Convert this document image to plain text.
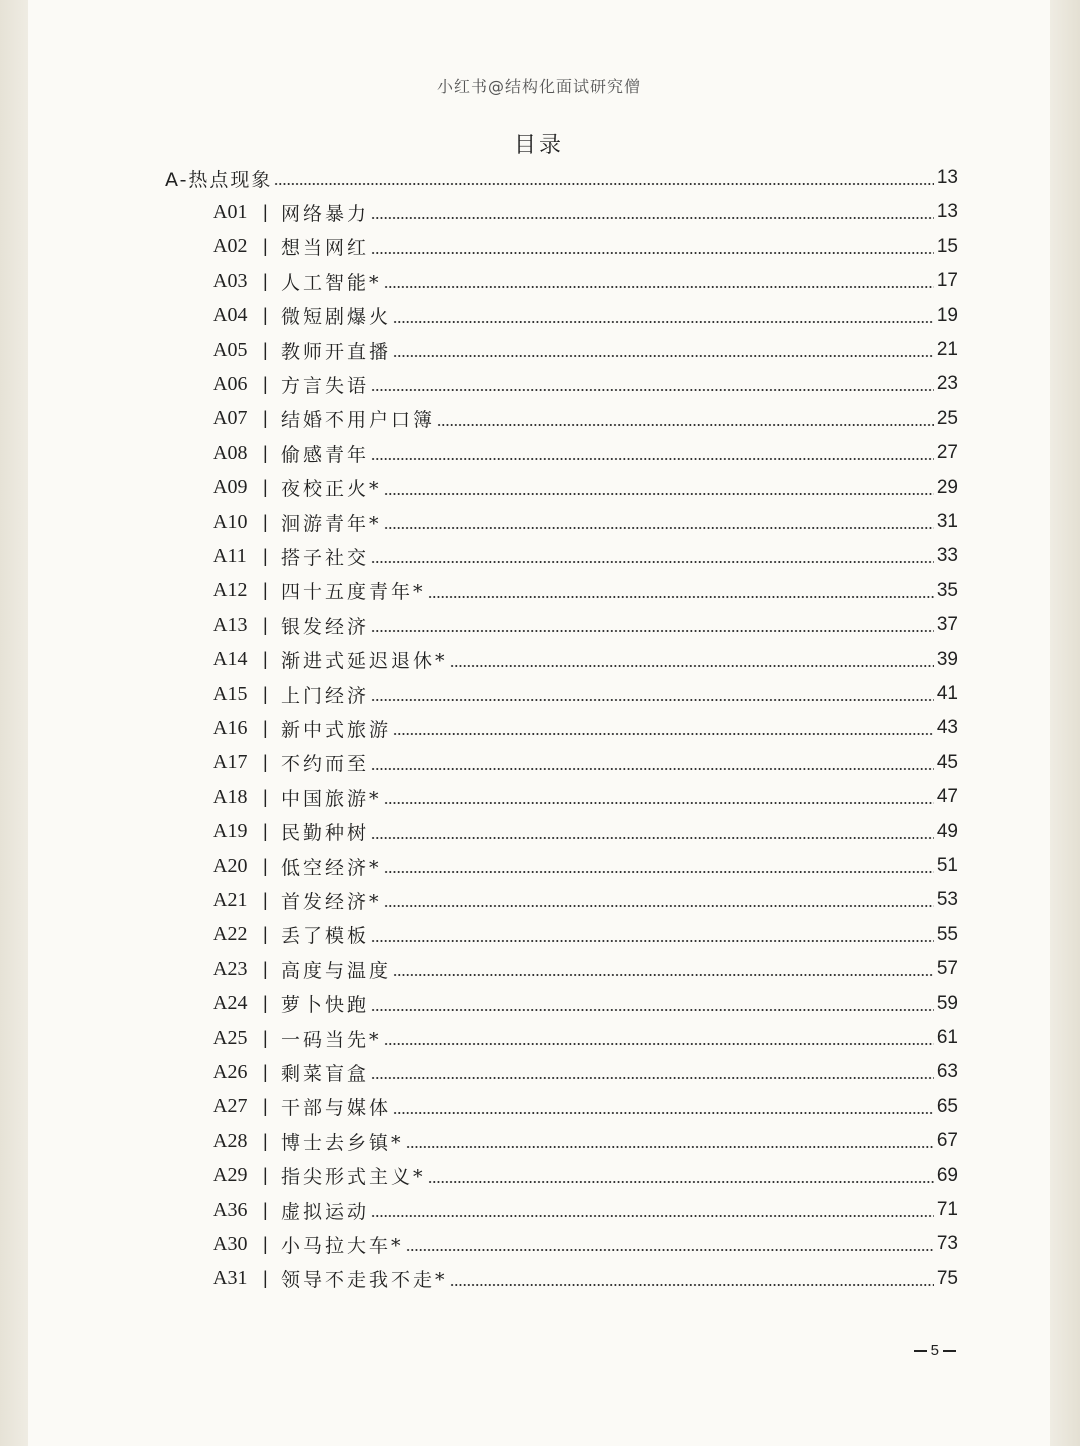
小红书@结构化面试研究僧
目录
A-热点现象	13
A01 | 网络暴力	13
A02 | 想当网红	15
A03 | 人工智能*	17
A04 | 微短剧爆火	19
A05 | 教师开直播	21
A06 | 方言失语	23
A07 | 结婚不用户口簿	25
A08 | 偷感青年	27
A09 | 夜校正火*	29
A10 | 洄游青年*	31
A11 | 搭子社交	33
A12 | 四十五度青年*	35
A13 | 银发经济	37
A14 | 渐进式延迟退休*	39
A15 | 上门经济	41
A16 | 新中式旅游	43
A17 | 不约而至	45
A18 | 中国旅游*	47
A19 | 民勤种树	49
A20 | 低空经济*	51
A21 | 首发经济*	53
A22 | 丢了模板	55
A23 | 高度与温度	57
A24 | 萝卜快跑	59
A25 | 一码当先*	61
A26 | 剩菜盲盒	63
A27 | 干部与媒体	65
A28 | 博士去乡镇*	67
A29 | 指尖形式主义*	69
A36 | 虚拟运动	71
A30 | 小马拉大车*	73
A31 | 领导不走我不走*	75
5
